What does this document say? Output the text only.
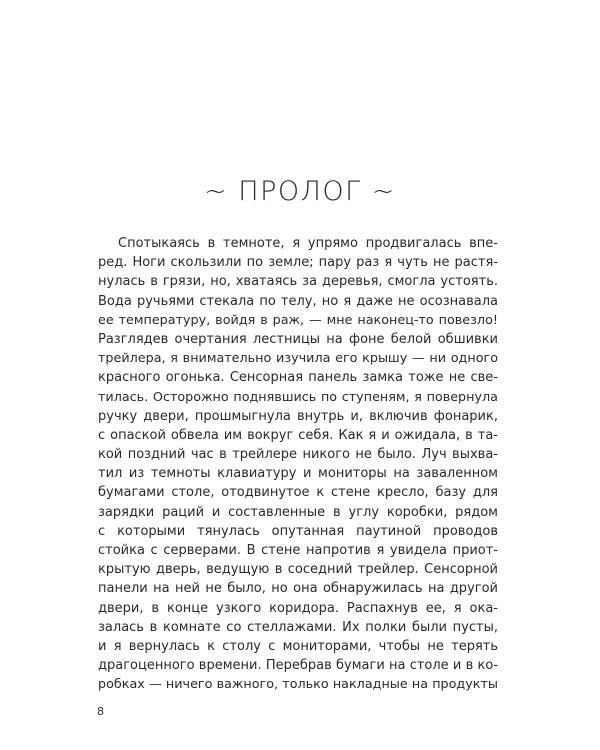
~ ПРОЛОГ ~
Спотыкаясь в темноте, я упрямо продвигалась впе-
ред. Ноги скользили по земле; пару раз я чуть не растя-
нулась в грязи, но, хватаясь за деревья, смогла устоять.
Вода ручьями стекала по телу, но я даже не осознавала
ее температуру, войдя в раж, — мне наконец-то повезло!
Разглядев очертания лестницы на фоне белой обшивки
трейлера, я внимательно изучила его крышу — ни одного
красного огонька. Сенсорная панель замка тоже не све-
тилась. Осторожно поднявшись по ступеням, я повернула
ручку двери, прошмыгнула внутрь и, включив фонарик,
с опаской обвела им вокруг себя. Как я и ожидала, в та-
кой поздний час в трейлере никого не было. Луч выхва-
тил из темноты клавиатуру и мониторы на заваленном
бумагами столе, отодвинутое к стене кресло, базу для
зарядки раций и составленные в углу коробки, рядом
с которыми тянулась опутанная паутиной проводов
стойка с серверами. В стене напротив я увидела приот-
крытую дверь, ведущую в соседний трейлер. Сенсорной
панели на ней не было, но она обнаружилась на другой
двери, в конце узкого коридора. Распахнув ее, я ока-
залась в комнате со стеллажами. Их полки были пусты,
и я вернулась к столу с мониторами, чтобы не терять
драгоценного времени. Перебрав бумаги на столе и в ко-
робках — ничего важного, только накладные на продукты
8
